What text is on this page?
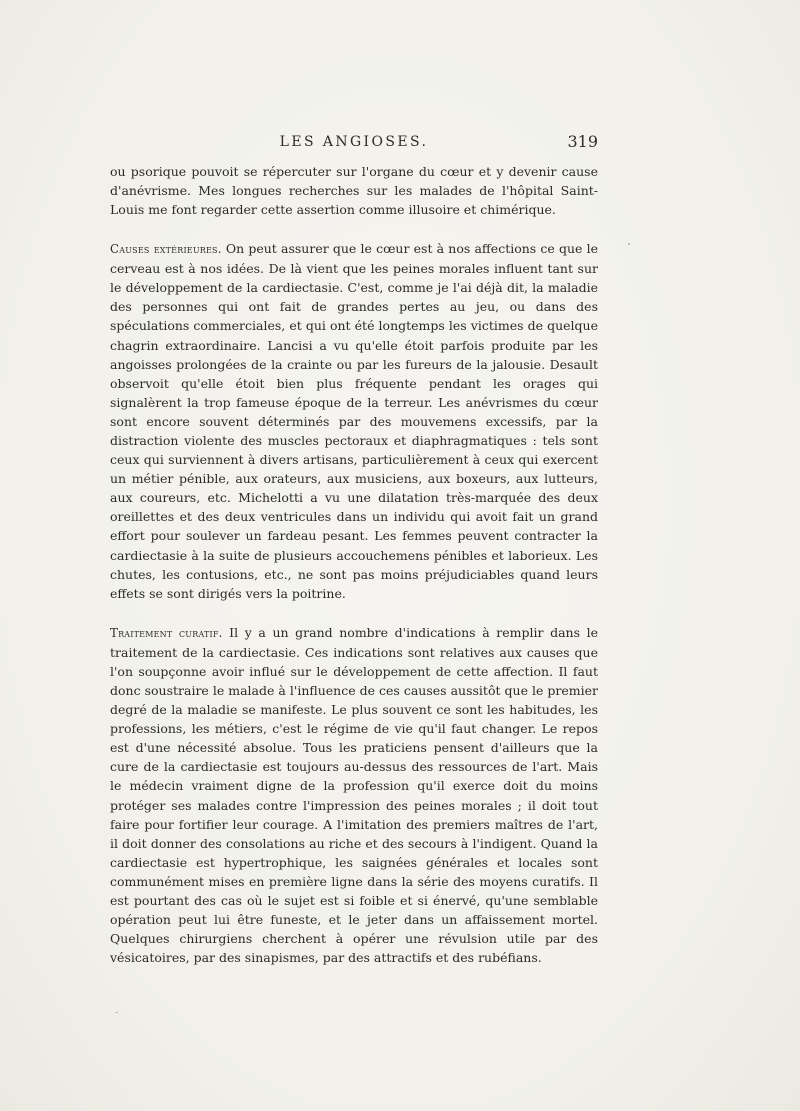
LES ANGIOSES.	319

ou psorique pouvoit se répercuter sur l'organe du cœur et y devenir cause d'anévrisme. Mes longues recherches sur les malades de l'hôpital Saint-Louis me font regarder cette assertion comme illusoire et chimérique.

Causes extérieures. On peut assurer que le cœur est à nos affections ce que le cerveau est à nos idées. De là vient que les peines morales influent tant sur le développement de la cardiectasie. C'est, comme je l'ai déjà dit, la maladie des personnes qui ont fait de grandes pertes au jeu, ou dans des spéculations commerciales, et qui ont été longtemps les victimes de quelque chagrin extraordinaire. Lancisi a vu qu'elle étoit parfois produite par les angoisses prolongées de la crainte ou par les fureurs de la jalousie. Desault observoit qu'elle étoit bien plus fréquente pendant les orages qui signalèrent la trop fameuse époque de la terreur. Les anévrismes du cœur sont encore souvent déterminés par des mouvemens excessifs, par la distraction violente des muscles pectoraux et diaphragmatiques : tels sont ceux qui surviennent à divers artisans, particulièrement à ceux qui exercent un métier pénible, aux orateurs, aux musiciens, aux boxeurs, aux lutteurs, aux coureurs, etc. Michelotti a vu une dilatation très-marquée des deux oreillettes et des deux ventricules dans un individu qui avoit fait un grand effort pour soulever un fardeau pesant. Les femmes peuvent contracter la cardiectasie à la suite de plusieurs accouchemens pénibles et laborieux. Les chutes, les contusions, etc., ne sont pas moins préjudiciables quand leurs effets se sont dirigés vers la poitrine.

Traitement curatif. Il y a un grand nombre d'indications à remplir dans le traitement de la cardiectasie. Ces indications sont relatives aux causes que l'on soupçonne avoir influé sur le développement de cette affection. Il faut donc soustraire le malade à l'influence de ces causes aussitôt que le premier degré de la maladie se manifeste. Le plus souvent ce sont les habitudes, les professions, les métiers, c'est le régime de vie qu'il faut changer. Le repos est d'une nécessité absolue. Tous les praticiens pensent d'ailleurs que la cure de la cardiectasie est toujours au-dessus des ressources de l'art. Mais le médecin vraiment digne de la profession qu'il exerce doit du moins protéger ses malades contre l'impression des peines morales ; il doit tout faire pour fortifier leur courage. A l'imitation des premiers maîtres de l'art, il doit donner des consolations au riche et des secours à l'indigent. Quand la cardiectasie est hypertrophique, les saignées générales et locales sont communément mises en première ligne dans la série des moyens curatifs. Il est pourtant des cas où le sujet est si foible et si énervé, qu'une semblable opération peut lui être funeste, et le jeter dans un affaissement mortel. Quelques chirurgiens cherchent à opérer une révulsion utile par des vésicatoires, par des sinapismes, par des attractifs et des rubéfians.
